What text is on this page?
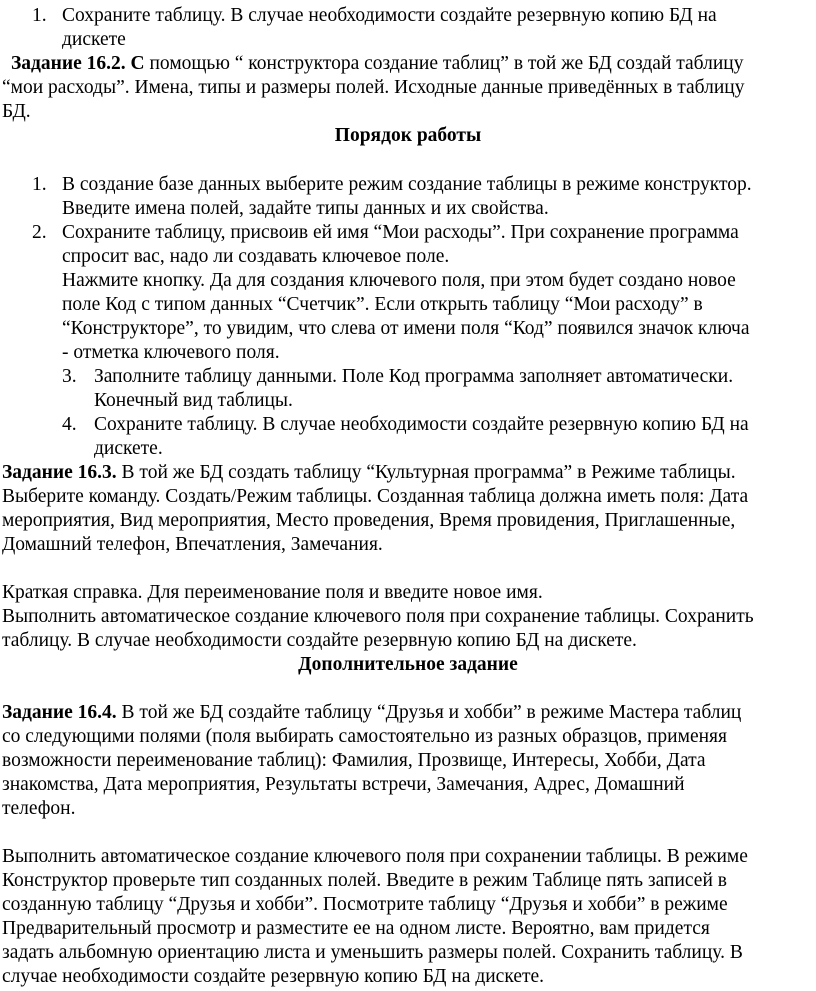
1. Сохраните таблицу. В случае необходимости создайте резервную копию БД на
дискете
Задание 16.2. С помощью “ конструктора создание таблиц” в той же БД создай таблицу
“мои расходы”. Имена, типы и размеры полей. Исходные данные приведённых в таблицу
БД.
Порядок работы
1. В создание базе данных выберите режим создание таблицы в режиме конструктор.
Введите имена полей, задайте типы данных и их свойства.
2. Сохраните таблицу, присвоив ей имя “Мои расходы”. При сохранение программа
спросит вас, надо ли создавать ключевое поле.
Нажмите кнопку. Да для создания ключевого поля, при этом будет создано новое
поле Код с типом данных “Счетчик”. Если открыть таблицу “Мои расходу” в
“Конструкторе”, то увидим, что слева от имени поля “Код” появился значок ключа
- отметка ключевого поля.
3. Заполните таблицу данными. Поле Код программа заполняет автоматически.
Конечный вид таблицы.
4. Сохраните таблицу. В случае необходимости создайте резервную копию БД на
дискете.
Задание 16.3. В той же БД создать таблицу “Культурная программа” в Режиме таблицы.
Выберите команду. Создать/Режим таблицы. Созданная таблица должна иметь поля: Дата
мероприятия, Вид мероприятия, Место проведения, Время провидения, Приглашенные,
Домашний телефон, Впечатления, Замечания.
Краткая справка. Для переименование поля и введите новое имя.
Выполнить автоматическое создание ключевого поля при сохранение таблицы. Сохранить
таблицу. В случае необходимости создайте резервную копию БД на дискете.
Дополнительное задание
Задание 16.4. В той же БД создайте таблицу “Друзья и хобби” в режиме Мастера таблиц
со следующими полями (поля выбирать самостоятельно из разных образцов, применяя
возможности переименование таблиц): Фамилия, Прозвище, Интересы, Хобби, Дата
знакомства, Дата мероприятия, Результаты встречи, Замечания, Адрес, Домашний
телефон.
Выполнить автоматическое создание ключевого поля при сохранении таблицы. В режиме
Конструктор проверьте тип созданных полей. Введите в режим Таблице пять записей в
созданную таблицу “Друзья и хобби”. Посмотрите таблицу “Друзья и хобби” в режиме
Предварительный просмотр и разместите ее на одном листе. Вероятно, вам придется
задать альбомную ориентацию листа и уменьшить размеры полей. Сохранить таблицу. В
случае необходимости создайте резервную копию БД на дискете.
